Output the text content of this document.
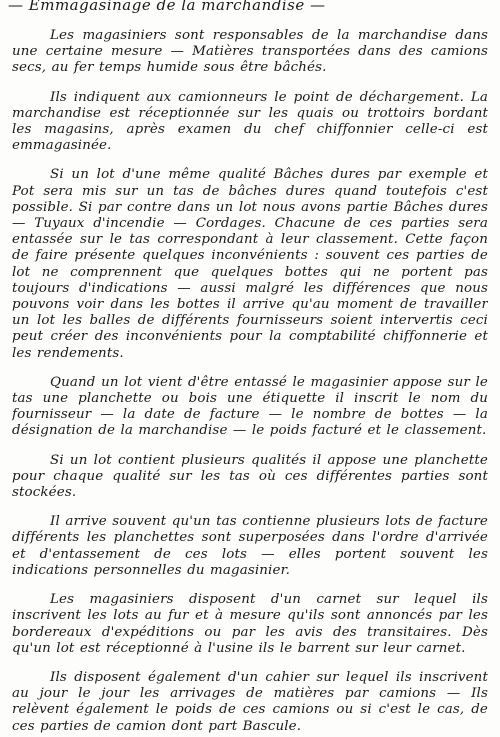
— Emmagasinage de la marchandise —

Les magasiniers sont responsables de la marchandise dans une certaine mesure — Matières transportées dans des camions secs, au fer temps humide sous être bâchés.

Ils indiquent aux camionneurs le point de déchargement. La marchandise est réceptionnée sur les quais ou trottoirs bordant les magasins, après examen du chef chiffonnier celle-ci est emmagasinée.

Si un lot d'une même qualité Bâches dures par exemple et Pot sera mis sur un tas de bâches dures quand toutefois c'est possible. Si par contre dans un lot nous avons partie Bâches dures — Tuyaux d'incendie — Cordages. Chacune de ces parties sera entassée sur le tas correspondant à leur classement. Cette façon de faire présente quelques inconvénients : souvent ces parties de lot ne comprennent que quelques bottes qui ne portent pas toujours d'indications — aussi malgré les différences que nous pouvons voir dans les bottes il arrive qu'au moment de travailler un lot les balles de différents fournisseurs soient intervertis ceci peut créer des inconvénients pour la comptabilité chiffonnerie et les rendements.

Quand un lot vient d'être entassé le magasinier appose sur le tas une planchette ou bois une étiquette il inscrit le nom du fournisseur — la date de facture — le nombre de bottes — la désignation de la marchandise — le poids facturé et le classement.

Si un lot contient plusieurs qualités il appose une planchette pour chaque qualité sur les tas où ces différentes parties sont stockées.

Il arrive souvent qu'un tas contienne plusieurs lots de facture différents les planchettes sont superposées dans l'ordre d'arrivée et d'entassement de ces lots — elles portent souvent les indications personnelles du magasinier.

Les magasiniers disposent d'un carnet sur lequel ils inscrivent les lots au fur et à mesure qu'ils sont annoncés par les bordereaux d'expéditions ou par les avis des transitaires. Dès qu'un lot est réceptionné à l'usine ils le barrent sur leur carnet.

Ils disposent également d'un cahier sur lequel ils inscrivent au jour le jour les arrivages de matières par camions — Ils relèvent également le poids de ces camions ou si c'est le cas, de ces parties de camion dont part Bascule.
